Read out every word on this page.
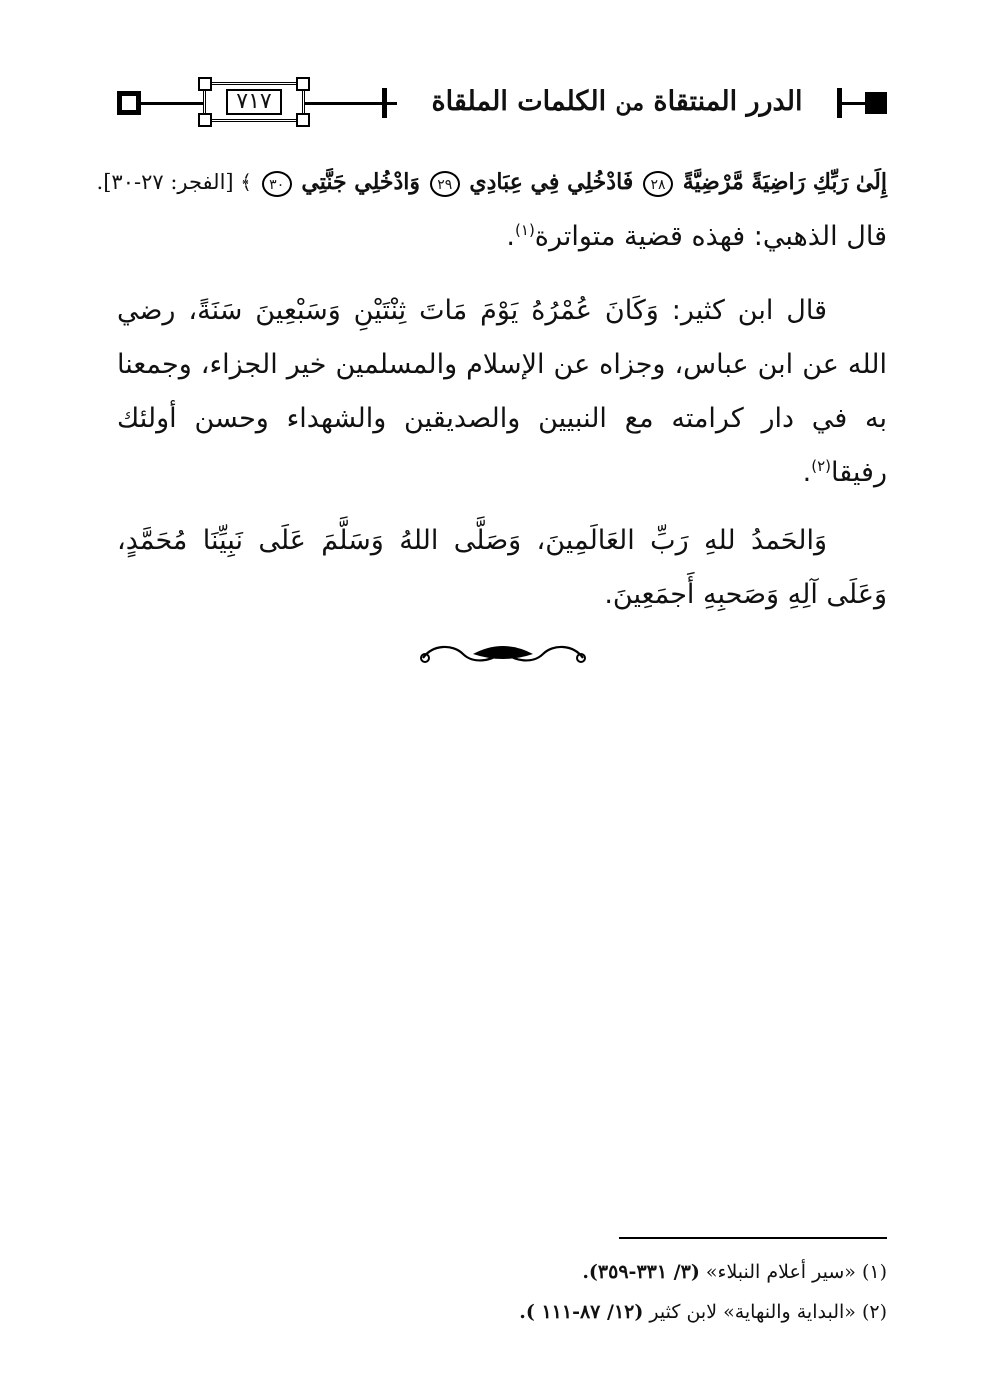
الدرر المنتقاة من الكلمات الملقاة
٧١٧
إِلَىٰ رَبِّكِ رَاضِيَةً مَّرْضِيَّةً ٢٨ فَادْخُلِي فِي عِبَادِي ٢٩ وَادْخُلِي جَنَّتِي ٣٠ ﴾ [الفجر: ٢٧-٣٠].
قال الذهبي: فهذه قضية متواترة$^{(١)}$.
قال ابن كثير: وَكَانَ عُمْرُهُ يَوْمَ مَاتَ ثِنْتَيْنِ وَسَبْعِينَ سَنَةً، رضي الله عن ابن عباس، وجزاه عن الإسلام والمسلمين خير الجزاء، وجمعنا به في دار كرامته مع النبيين والصديقين والشهداء وحسن أولئك رفيقا$^{(٢)}$.
وَالحَمدُ للهِ رَبِّ العَالَمِينَ، وَصَلَّى اللهُ وَسَلَّمَ عَلَى نَبِيِّنَا مُحَمَّدٍ، وَعَلَى آلِهِ وَصَحبِهِ أَجمَعِينَ.
(١) «سير أعلام النبلاء» (٣/ ٣٣١-٣٥٩).
(٢) «البداية والنهاية» لابن كثير (١٢/ ٨٧-١١١ ).
